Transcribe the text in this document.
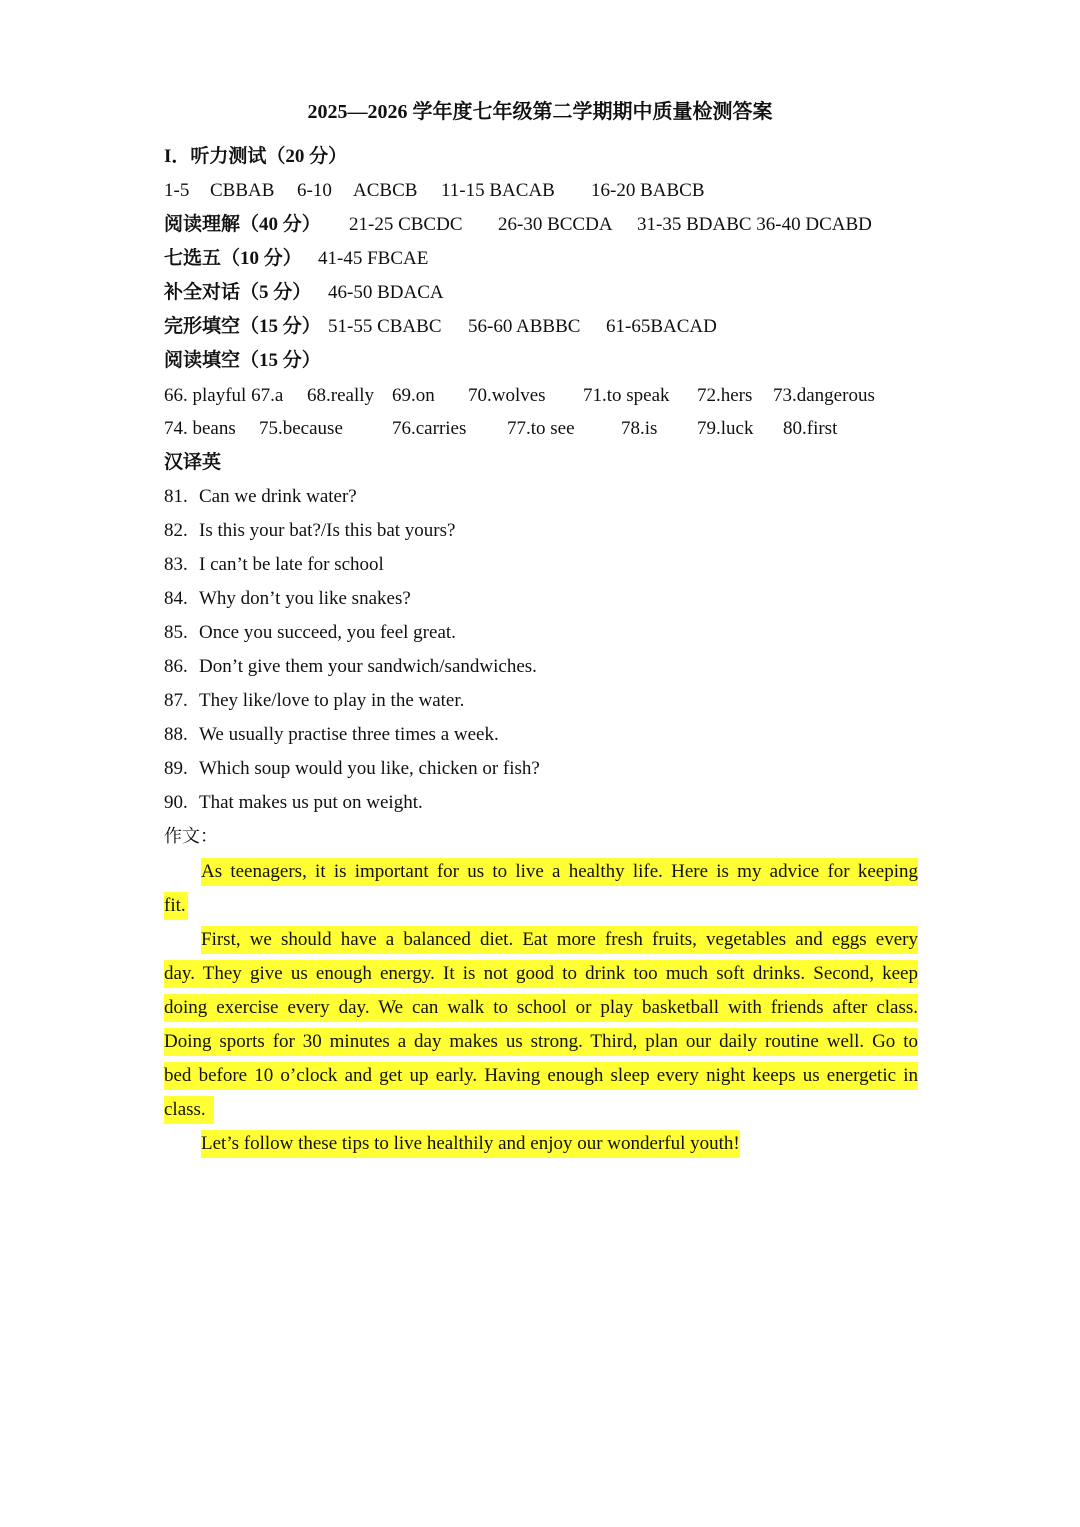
2025—2026 学年度七年级第二学期期中质量检测答案
I．听力测试（20 分）

1-5

CBBAB

6-10

ACBCB

11-15 BACAB

16-20 BABCB

阅读理解（40 分）

21-25 CBCDC

26-30 BCCDA

31-35 BDABC 36-40 DCABD

七选五（10 分）

41-45 FBCAE

补全对话（5 分）

46-50 BDACA

完形填空（15 分）

51-55 CBABC

56-60 ABBBC

61-65BACAD

阅读填空（15 分）

66. playful 67.a

68.really

69.on

70.wolves

71.to speak

72.hers

73.dangerous

74. beans

75.because

	76.carries

77.to see

78.is

79.luck

80.first

汉译英

81.

Can we drink water?

82.

Is this your bat?/Is this bat yours?

83.

I can’t be late for school

84.

Why don’t you like snakes?

85.

Once you succeed, you feel great.

86.

Don’t give them your sandwich/sandwiches.

87.

They like/love to play in the water.

88.

We usually practise three times a week.

89.

Which soup would you like, chicken or fish?

90.

That makes us put on weight.

作文：
As teenagers, it is important for us to live a healthy life. Here is my advice for keeping
fit.
First, we should have a balanced diet. Eat more fresh fruits, vegetables and eggs every
day. They give us enough energy. It is not good to drink too much soft drinks. Second, keep
doing exercise every day. We can walk to school or play basketball with friends after class.
Doing sports for 30 minutes a day makes us strong. Third, plan our daily routine well. Go to
bed before 10 o’clock and get up early. Having enough sleep every night keeps us energetic in
class.
Let’s follow these tips to live healthily and enjoy our wonderful youth!
